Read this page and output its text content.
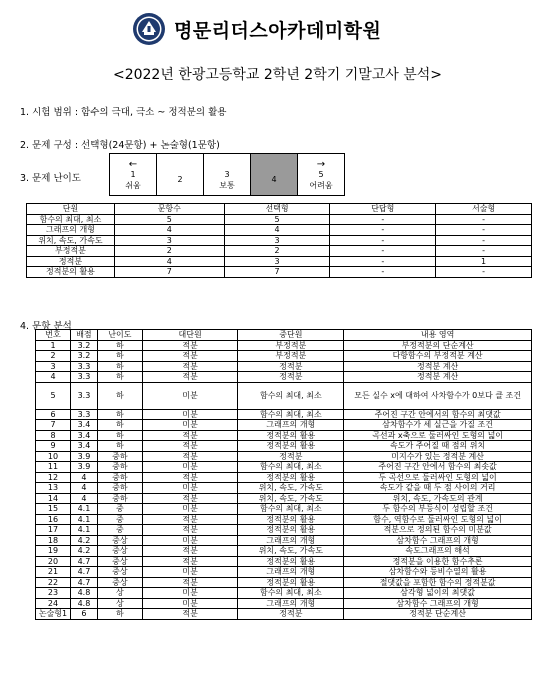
명문리더스아카데미학원
<2022년 한광고등학교 2학년 2학기 기말고사 분석>
1. 시험 범위 : 함수의 극대, 극소 ~ 정적분의 활용
2. 문제 구성 : 선택형(24문항) + 논술형(1문항)
3. 문제 난이도
←
1
쉬움

2

3
보통

4

→
5
어려움
단원	문항수	선택형	단답형	서술형
함수의 최대, 최소	5	5	-	-
그래프의 개형	4	4	-	-
위치, 속도, 가속도	3	3	-	-
부정적분	2	2	-	-
정적분	4	3	-	1
정적분의 활용	7	7	-	-
4. 문항 분석
번호	배점	난이도	대단원	중단원	내용 영역
1	3.2	하	적분	부정적분	부정적분의 단순계산
2	3.2	하	적분	부정적분	다항함수의 부정적분 계산
3	3.3	하	적분	정적분	정적분 계산
4	3.3	하	적분	정적분	정적분 계산
5	3.3	하	미분	함수의 최대, 최소	모든 실수 x에 대하여 사차함수가 0보다 클 조건
6	3.3	하	미분	함수의 최대, 최소	주어진 구간 안에서의 함수의 최댓값
7	3.4	하	미분	그래프의 개형	삼차함수가 세 실근을 가질 조건
8	3.4	하	적분	정적분의 활용	곡선과 x축으로 둘러싸인 도형의 넓이
9	3.4	하	적분	정적분의 활용	속도가 주어질 때 점의 위치
10	3.9	중하	적분	정적분	미지수가 있는 정적분 계산
11	3.9	중하	미분	함수의 최대, 최소	주어진 구간 안에서 함수의 최솟값
12	4	중하	적분	정적분의 활용	두 곡선으로 둘러싸인 도형의 넓이
13	4	중하	미분	위치, 속도, 가속도	속도가 같을 때 두 점 사이의 거리
14	4	중하	적분	위치, 속도, 가속도	위치, 속도, 가속도의 관계
15	4.1	중	미분	함수의 최대, 최소	두 함수의 부등식이 성립할 조건
16	4.1	중	적분	정적분의 활용	함수, 역함수로 둘러싸인 도형의 넓이
17	4.1	중	적분	정적분의 활용	적분으로 정의된 함수의 미분값
18	4.2	중상	미분	그래프의 개형	삼차함수 그래프의 개형
19	4.2	중상	적분	위치, 속도, 가속도	속도그래프의 해석
20	4.7	중상	적분	정적분의 활용	정적분을 이용한 함수추론
21	4.7	중상	미분	그래프의 개형	삼차함수와 등비수열의 활용
22	4.7	중상	적분	정적분의 활용	절댓값을 포함한 함수의 정적분값
23	4.8	상	미분	함수의 최대, 최소	삼각형 넓이의 최댓값
24	4.8	상	미분	그래프의 개형	삼차함수 그래프의 개형
논술형1	6	하	적분	정적분	정적분 단순계산
